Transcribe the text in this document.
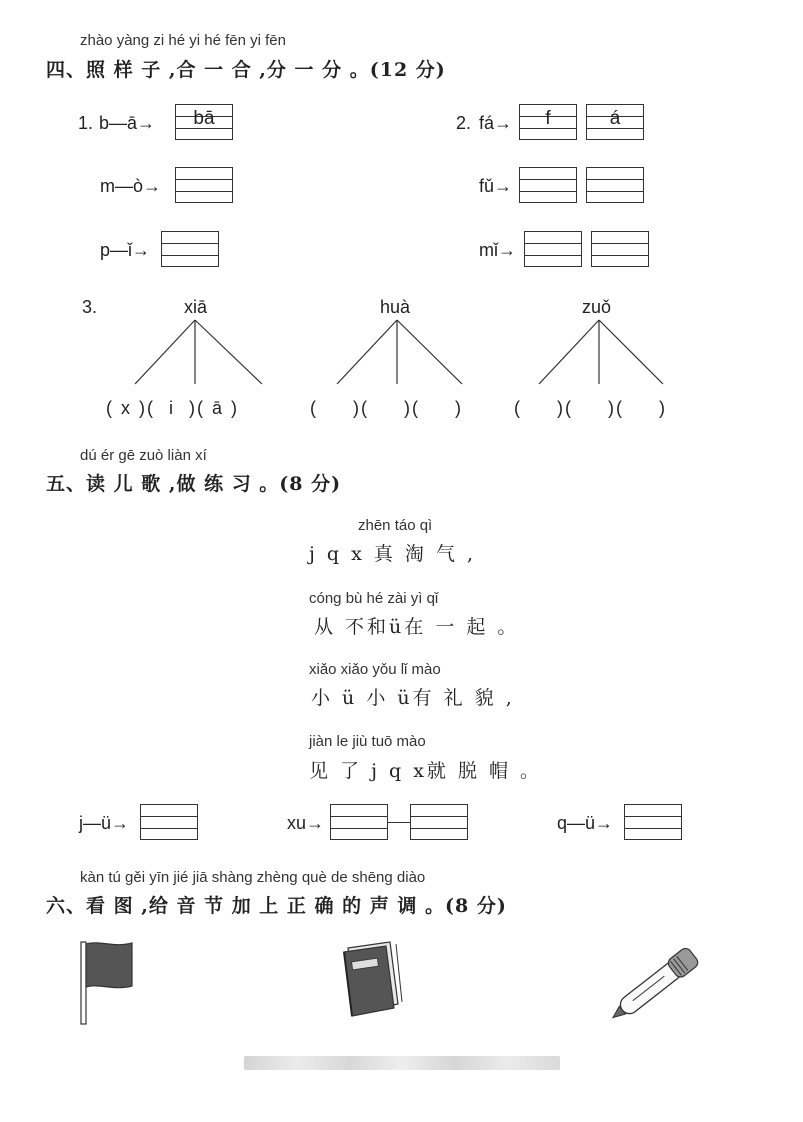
zhào yàng zi hé yi hé fēn yi fēn
四、照 样 子 ,合 一 合 ,分 一 分 。(12 分)
1. b—ā→	bā
m—ò→
p—ǐ→
2. fá→	f	á
fǔ→
mǐ→
3.	xiā	huà	zuǒ
( x )(  i  )( ā )	(     )(     )(     )	(     )(     )(     )
dú ér gē zuò liàn xí
五、读 儿 歌 ,做 练 习 。(8 分)
zhēn táo qì
j q x 真 淘 气 ,
cóng bù hé zài yì qǐ
从 不和ü在 一 起 。
xiǎo xiǎo yǒu lǐ mào
小 ü 小 ü有 礼 貌 ,
jiàn le jiù tuō mào
见 了 j q x就 脱 帽 。
j—ü→	xu→	q—ü→
kàn tú gěi yīn jié jiā shàng zhèng què de shēng diào
六、看 图 ,给 音 节 加 上 正 确 的 声 调 。(8 分)
